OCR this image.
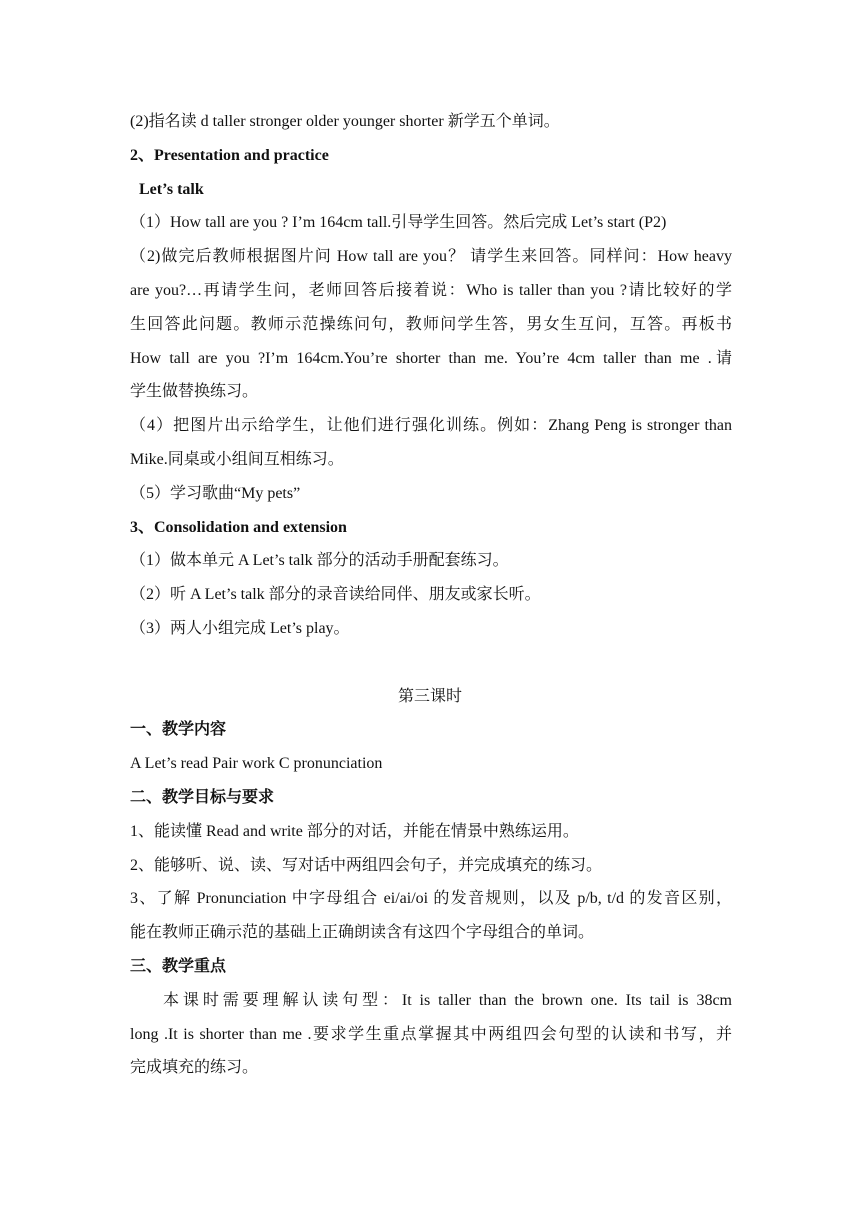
(2)指名读 d taller stronger older younger shorter 新学五个单词。
2、Presentation and practice
Let’s talk
（1）How tall are you ? I’m 164cm tall.引导学生回答。然后完成 Let’s start (P2)
（2)做完后教师根据图片问 How tall are you？ 请学生来回答。同样问：How heavy
are you?…再请学生问，老师回答后接着说：Who is taller than you ?请比较好的学
生回答此问题。教师示范操练问句，教师问学生答，男女生互问，互答。再板书
How tall are you ?I’m 164cm.You’re shorter than me. You’re 4cm taller than me .请
学生做替换练习。
（4）把图片出示给学生，让他们进行强化训练。例如：Zhang Peng is stronger than
Mike.同桌或小组间互相练习。
（5）学习歌曲“My pets”
3、Consolidation and extension
（1）做本单元 A Let’s talk 部分的活动手册配套练习。
（2）听 A Let’s talk 部分的录音读给同伴、朋友或家长听。
（3）两人小组完成 Let’s play。
第三课时
一、教学内容
A Let’s read Pair work C pronunciation
二、教学目标与要求
1、能读懂 Read and write 部分的对话，并能在情景中熟练运用。
2、能够听、说、读、写对话中两组四会句子，并完成填充的练习。
3、了解 Pronunciation 中字母组合 ei/ai/oi 的发音规则，以及 p/b, t/d 的发音区别，
能在教师正确示范的基础上正确朗读含有这四个字母组合的单词。
三、教学重点
本课时需要理解认读句型：It is taller than the brown one. Its tail is 38cm
long .It is shorter than me .要求学生重点掌握其中两组四会句型的认读和书写，并
完成填充的练习。
